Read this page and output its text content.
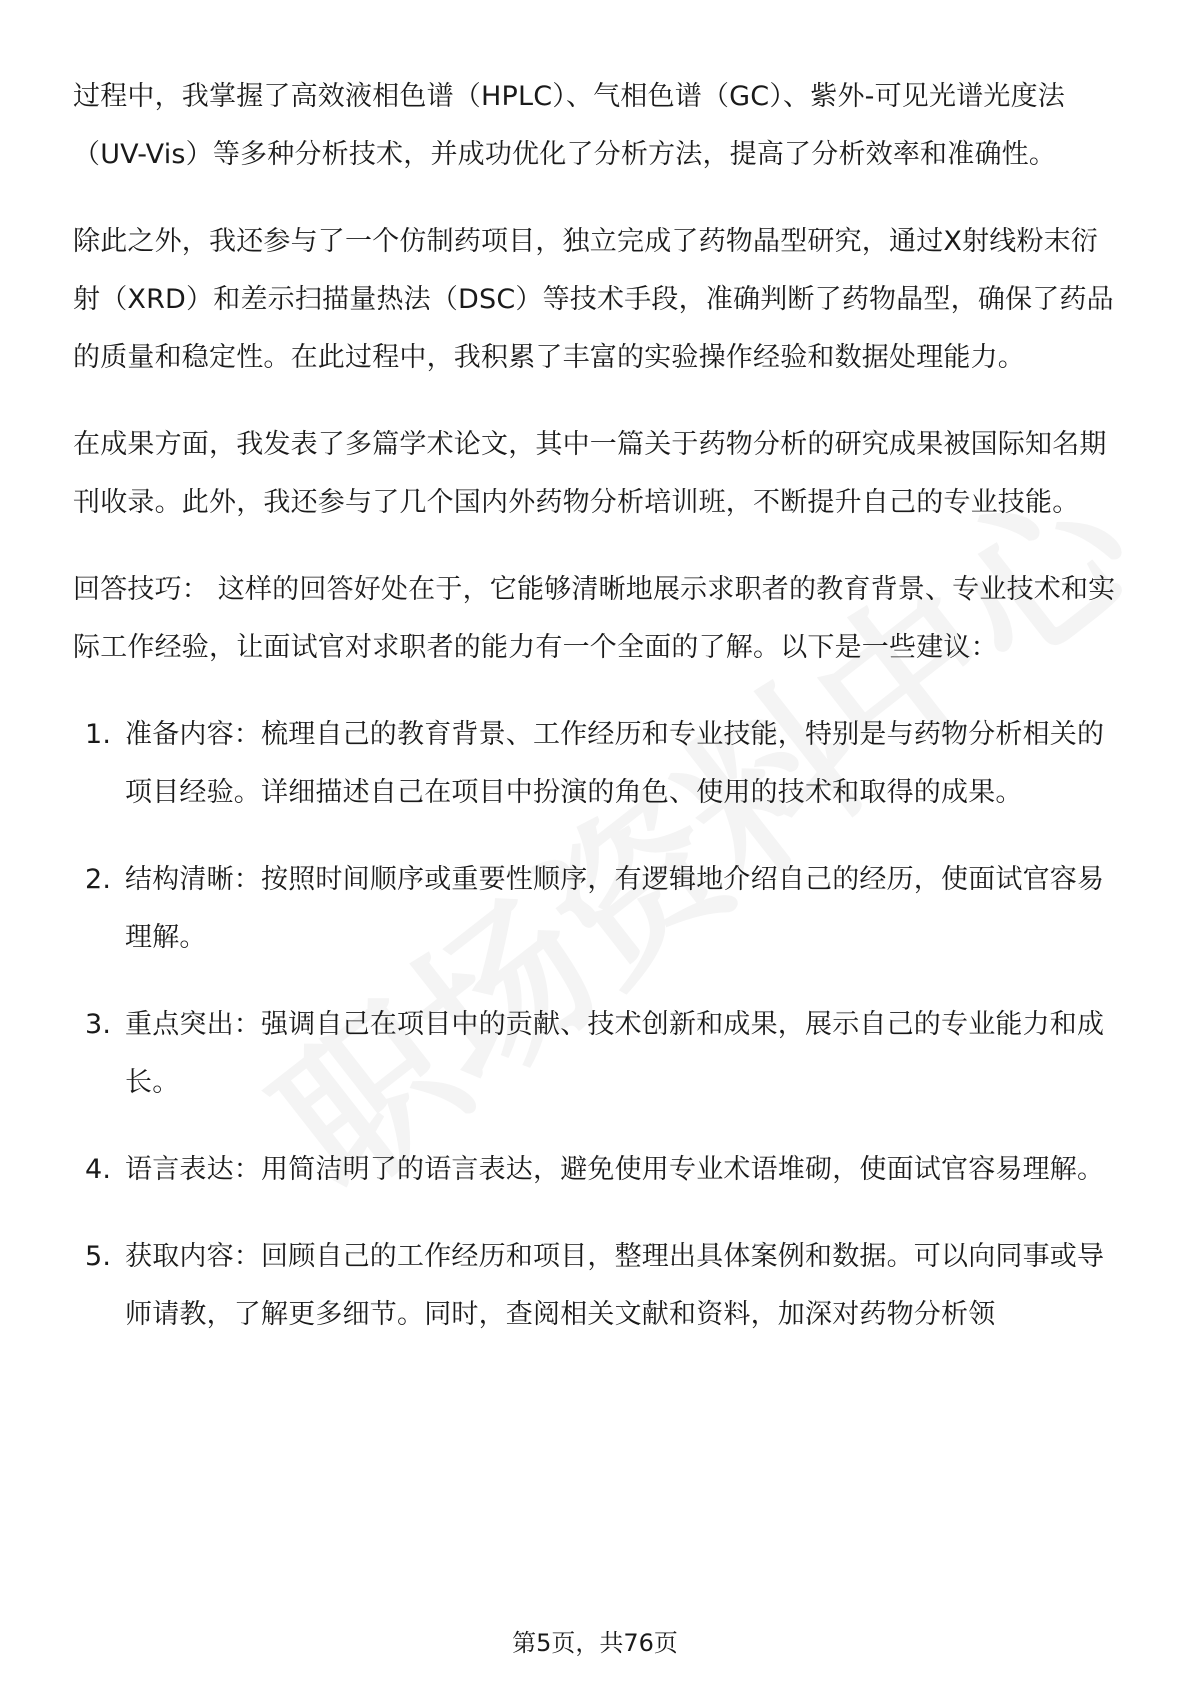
过程中，我掌握了高效液相色谱（HPLC）、气相色谱（GC）、紫外-可见光谱光度法（UV-Vis）等多种分析技术，并成功优化了分析方法，提高了分析效率和准确性。

除此之外，我还参与了一个仿制药项目，独立完成了药物晶型研究，通过X射线粉末衍射（XRD）和差示扫描量热法（DSC）等技术手段，准确判断了药物晶型，确保了药品的质量和稳定性。在此过程中，我积累了丰富的实验操作经验和数据处理能力。

在成果方面，我发表了多篇学术论文，其中一篇关于药物分析的研究成果被国际知名期刊收录。此外，我还参与了几个国内外药物分析培训班，不断提升自己的专业技能。

回答技巧： 这样的回答好处在于，它能够清晰地展示求职者的教育背景、专业技术和实际工作经验，让面试官对求职者的能力有一个全面的了解。以下是一些建议：

1. 准备内容：梳理自己的教育背景、工作经历和专业技能，特别是与药物分析相关的项目经验。详细描述自己在项目中扮演的角色、使用的技术和取得的成果。
2. 结构清晰：按照时间顺序或重要性顺序，有逻辑地介绍自己的经历，使面试官容易理解。
3. 重点突出：强调自己在项目中的贡献、技术创新和成果，展示自己的专业能力和成长。
4. 语言表达：用简洁明了的语言表达，避免使用专业术语堆砌，使面试官容易理解。
5. 获取内容：回顾自己的工作经历和项目，整理出具体案例和数据。可以向同事或导师请教，了解更多细节。同时，查阅相关文献和资料，加深对药物分析领
第5页，共76页
